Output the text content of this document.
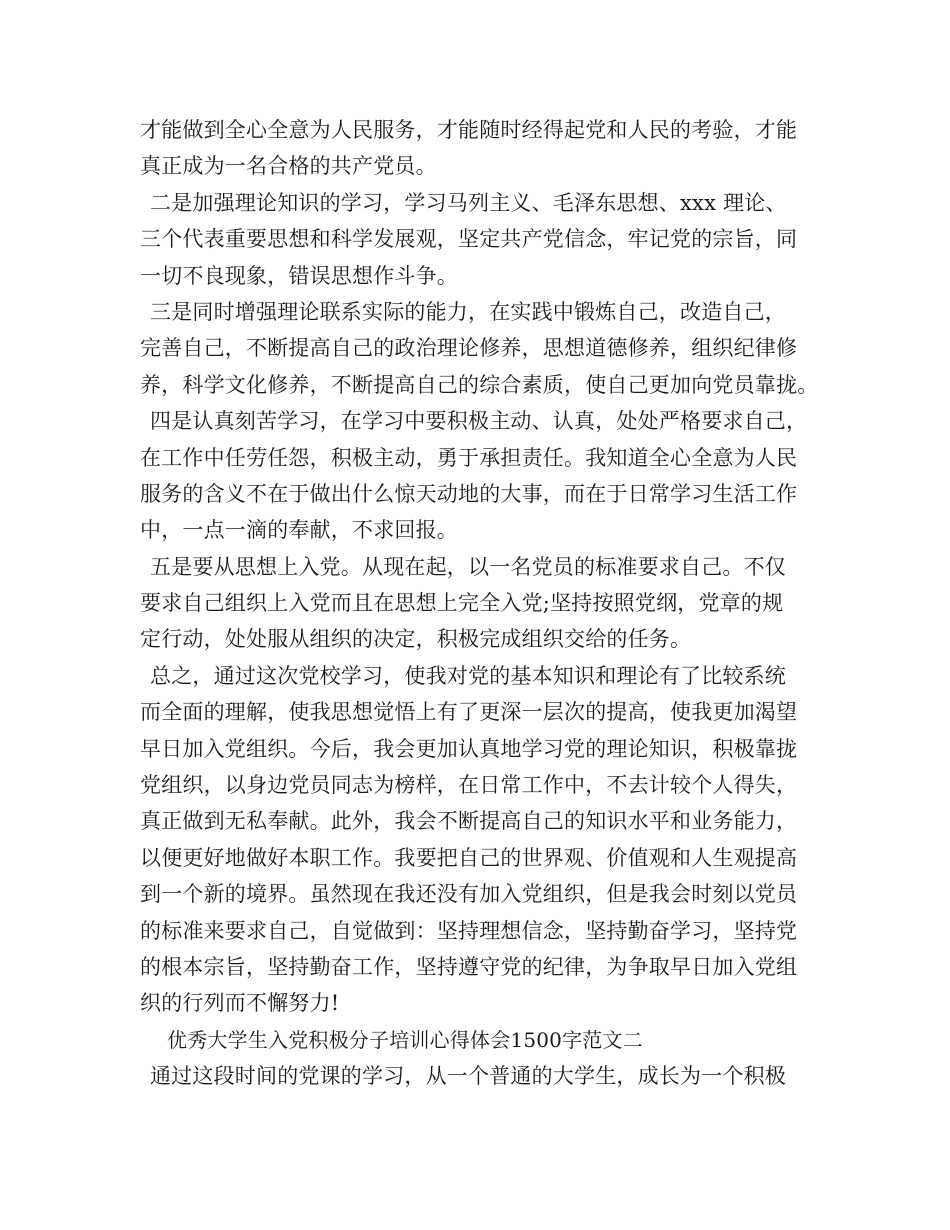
才能做到全心全意为人民服务，才能随时经得起党和人民的考验，才能
真正成为一名合格的共产党员。
二是加强理论知识的学习，学习马列主义、毛泽东思想、xxx 理论、
三个代表重要思想和科学发展观，坚定共产党信念，牢记党的宗旨，同
一切不良现象，错误思想作斗争。
三是同时增强理论联系实际的能力，在实践中锻炼自己，改造自己，
完善自己，不断提高自己的政治理论修养，思想道德修养，组织纪律修
养，科学文化修养，不断提高自己的综合素质，使自己更加向党员靠拢。
四是认真刻苦学习，在学习中要积极主动、认真，处处严格要求自己，
在工作中任劳任怨，积极主动，勇于承担责任。我知道全心全意为人民
服务的含义不在于做出什么惊天动地的大事，而在于日常学习生活工作
中，一点一滴的奉献，不求回报。
五是要从思想上入党。从现在起，以一名党员的标准要求自己。不仅
要求自己组织上入党而且在思想上完全入党;坚持按照党纲，党章的规
定行动，处处服从组织的决定，积极完成组织交给的任务。
总之，通过这次党校学习，使我对党的基本知识和理论有了比较系统
而全面的理解，使我思想觉悟上有了更深一层次的提高，使我更加渴望
早日加入党组织。今后，我会更加认真地学习党的理论知识，积极靠拢
党组织，以身边党员同志为榜样，在日常工作中，不去计较个人得失，
真正做到无私奉献。此外，我会不断提高自己的知识水平和业务能力，
以便更好地做好本职工作。我要把自己的世界观、价值观和人生观提高
到一个新的境界。虽然现在我还没有加入党组织，但是我会时刻以党员
的标准来要求自己，自觉做到：坚持理想信念，坚持勤奋学习，坚持党
的根本宗旨，坚持勤奋工作，坚持遵守党的纪律，为争取早日加入党组
织的行列而不懈努力!
优秀大学生入党积极分子培训心得体会1500字范文二
通过这段时间的党课的学习，从一个普通的大学生，成长为一个积极
